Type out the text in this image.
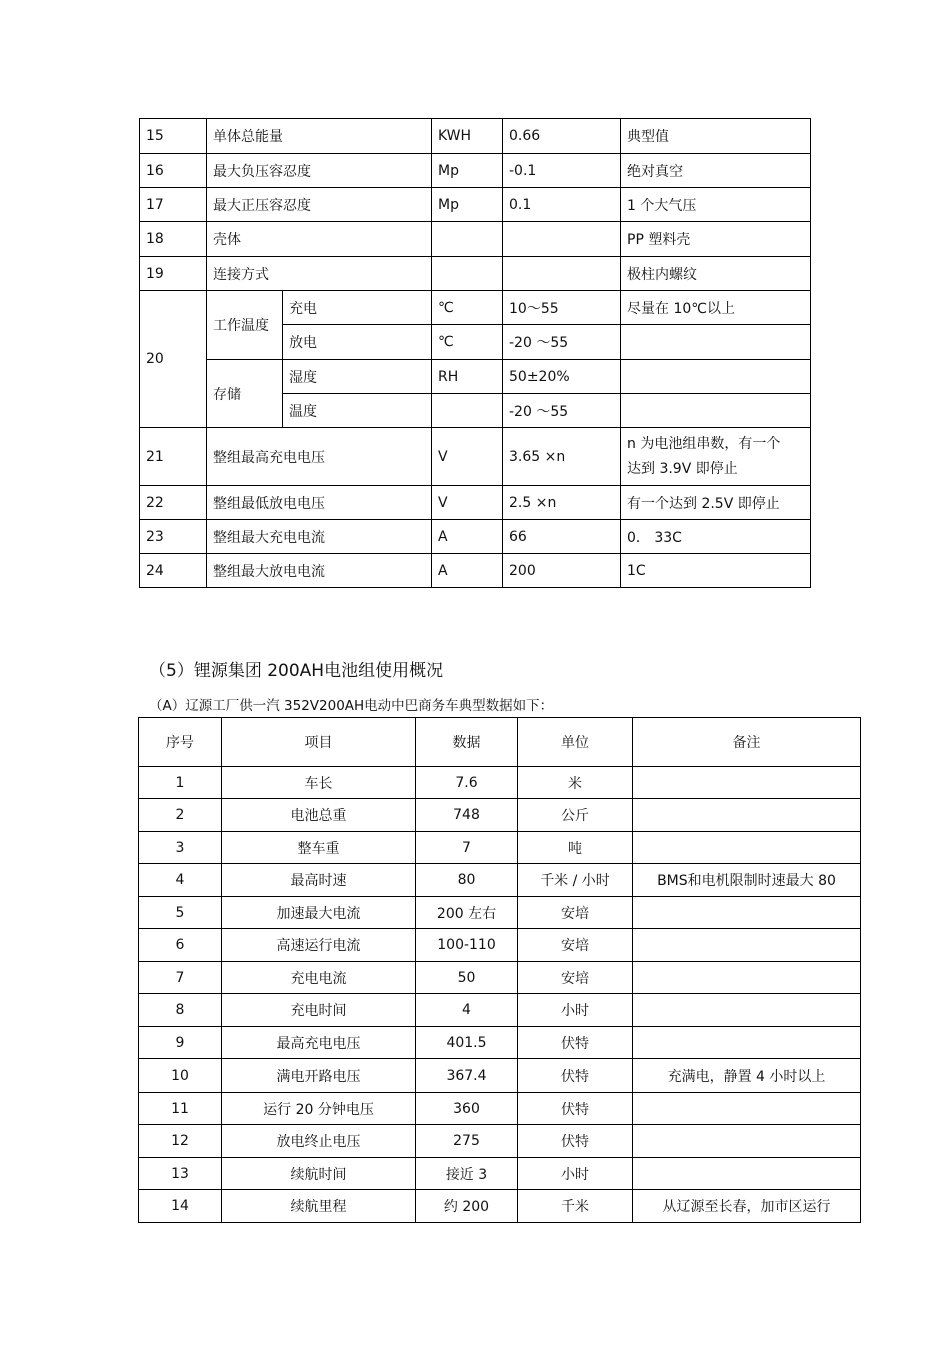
15	单体总能量		KWH	0.66	典型值
16	最大负压容忍度		Mp	-0.1	绝对真空
17	最大正压容忍度		Mp	0.1	1 个大气压
18	壳体				PP 塑料壳
19	连接方式				极柱内螺纹
20	工作温度	充电	℃	10～55	尽量在 10℃以上
		放电	℃	-20 ～55	
	存储	湿度	RH	50±20%	
		温度		-20 ～55	
21	整组最高充电电压		V	3.65 ×n	n 为电池组串数，有一个
达到 3.9V 即停止

22	整组最低放电电压		V	2.5 ×n	有一个达到 2.5V 即停止
23	整组最大充电电流		A	66	0． 33C
24	整组最大放电电流		A	200	1C
（5）锂源集团 200AH电池组使用概况
（A）辽源工厂供一汽 352V200AH电动中巴商务车典型数据如下：
序号	项目	数据	单位	备注
1	车长	7.6	米	
2	电池总重	748	公斤	
3	整车重	7	吨	
4	最高时速	80	千米 / 小时	BMS和电机限制时速最大 80
5	加速最大电流	200 左右	安培	
6	高速运行电流	100-110	安培	
7	充电电流	50	安培	
8	充电时间	4	小时	
9	最高充电电压	401.5	伏特	
10	满电开路电压	367.4	伏特	充满电，静置 4 小时以上
11	运行 20 分钟电压	360	伏特	
12	放电终止电压	275	伏特	
13	续航时间	接近 3	小时	
14	续航里程	约 200	千米	从辽源至长春，加市区运行
